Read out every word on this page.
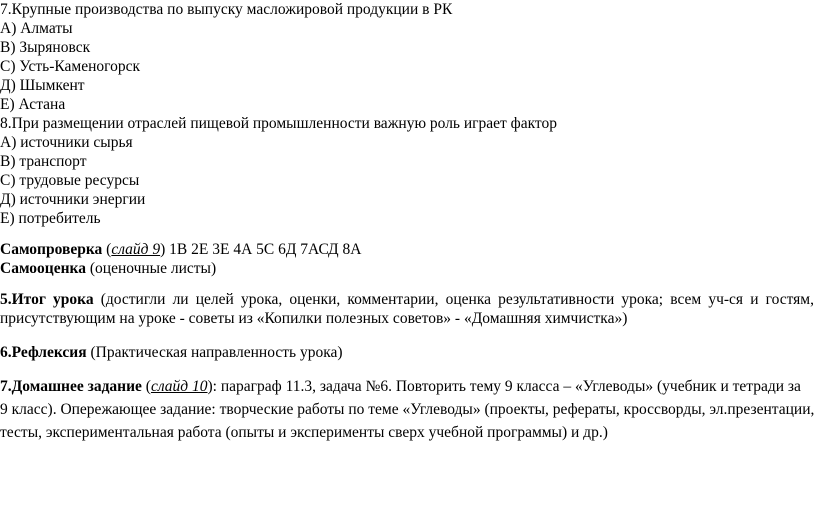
7.Крупные производства по выпуску масложировой продукции в РК
А) Алматы
В) Зыряновск
С) Усть-Каменогорск
Д) Шымкент
Е) Астана
8.При размещении отраслей пищевой промышленности важную роль играет фактор
А) источники сырья
В) транспорт
С) трудовые ресурсы
Д) источники энергии
Е) потребитель
Самопроверка (слайд 9) 1В 2Е 3Е 4А 5С 6Д 7АСД 8А
Самооценка (оценочные листы)
5.Итог урока (достигли ли целей урока, оценки, комментарии, оценка результативности урока; всем уч-ся и гостям,
присутствующим на уроке - советы из «Копилки полезных советов» - «Домашняя химчистка»)
6.Рефлексия (Практическая направленность урока)
7.Домашнее задание (слайд 10): параграф 11.3, задача №6. Повторить тему 9 класса – «Углеводы» (учебник и тетради за
9 класс). Опережающее задание: творческие работы по теме «Углеводы» (проекты, рефераты, кроссворды, эл.презентации,
тесты, экспериментальная работа (опыты и эксперименты сверх учебной программы) и др.)
